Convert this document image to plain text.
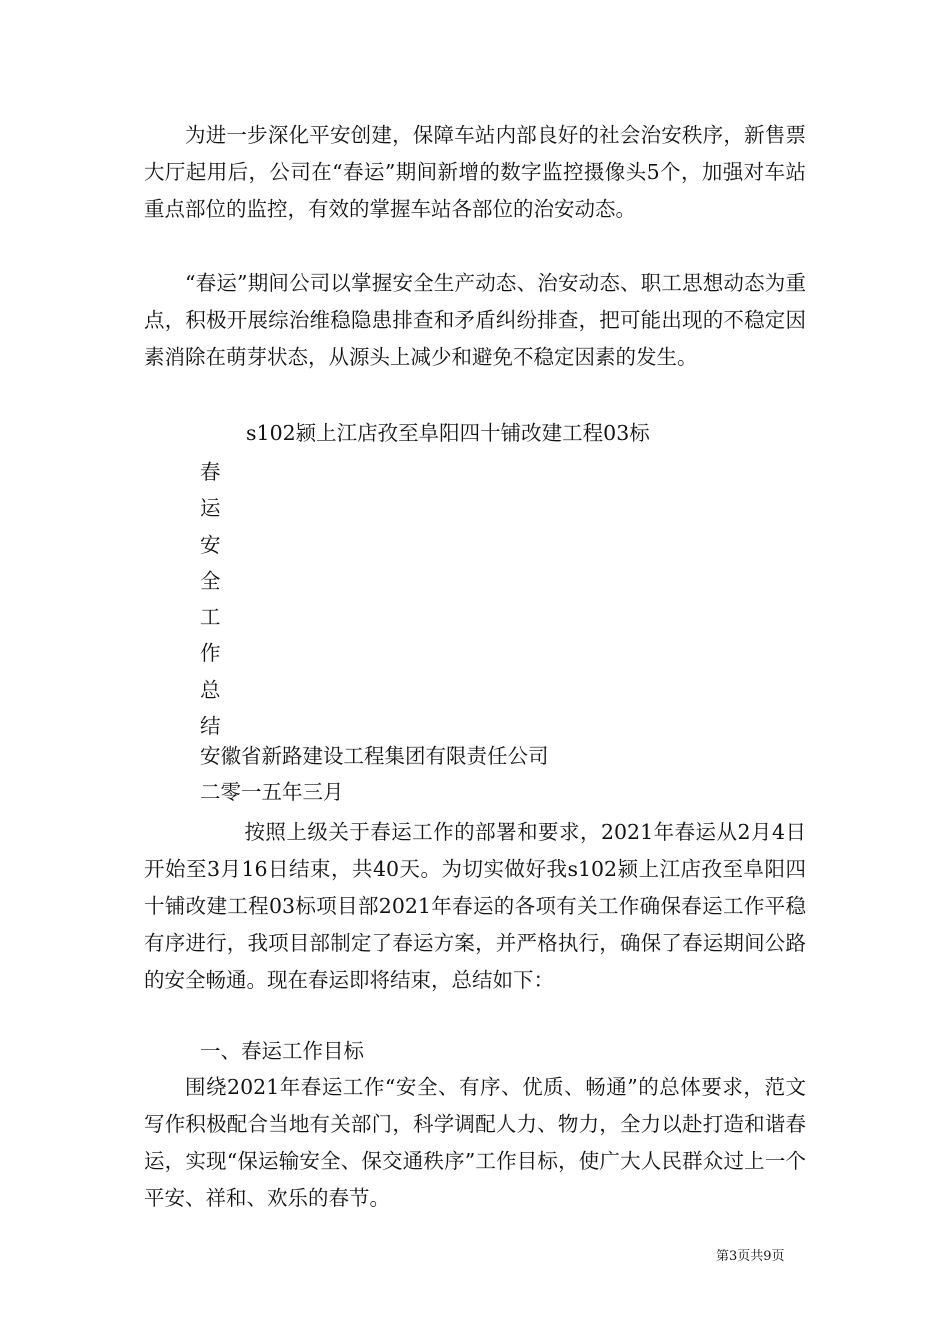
为进一步深化平安创建，保障车站内部良好的社会治安秩序，新售票大厅起用后，公司在“春运”期间新增的数字监控摄像头5个，加强对车站重点部位的监控，有效的掌握车站各部位的治安动态。

“春运”期间公司以掌握安全生产动态、治安动态、职工思想动态为重点，积极开展综治维稳隐患排查和矛盾纠纷排查，把可能出现的不稳定因素消除在萌芽状态，从源头上减少和避免不稳定因素的发生。

s102颍上江店孜至阜阳四十铺改建工程03标

春
运
安
全
工
作
总
结

安徽省新路建设工程集团有限责任公司

二零一五年三月

按照上级关于春运工作的部署和要求，2021年春运从2月4日开始至3月16日结束，共40天。为切实做好我s102颍上江店孜至阜阳四十铺改建工程03标项目部2021年春运的各项有关工作确保春运工作平稳有序进行，我项目部制定了春运方案，并严格执行，确保了春运期间公路的安全畅通。现在春运即将结束，总结如下：

一、春运工作目标

围绕2021年春运工作“安全、有序、优质、畅通”的总体要求，范文写作积极配合当地有关部门，科学调配人力、物力，全力以赴打造和谐春运，实现“保运输安全、保交通秩序”工作目标，使广大人民群众过上一个平安、祥和、欢乐的春节。

第3页共9页
